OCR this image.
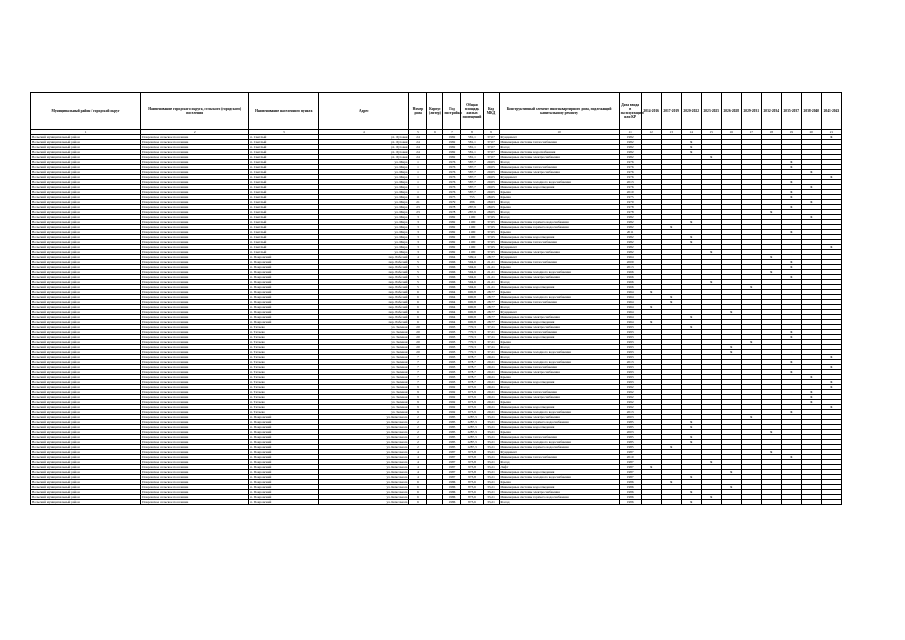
Муниципальный район / городской округ	Наименование городского округа, сельского (городского) поселения	Наименование населенного пункта	Адрес	Номер дома	Корпус (литер)	Год постройки	Общая площадь жилых помещений	Код МКД	Конструктивный элемент многоквартирного дома, подлежащий капитальному ремонту	Дата ввода в эксплуатацию или КР	2014-2016	2017-2019	2020-2022	2023-2025	2026-2028	2029-2031	2032-2034	2035-2037	2038-2040	2041-2043
1	2	3	4	5	6	7	8	9	10	11	12	13	14	15	16	17	18	19	20	21
Вольский муниципальный район	Покровское сельское поселение	п. Светлый	ул. Луговая	24		1982	581,1	37,07	Фундамент	1982										X
Вольский муниципальный район	Покровское сельское поселение	п. Светлый	ул. Луговая	24		1982	581,1	37,07	Инженерные системы теплоснабжения	1982			X							
Вольский муниципальный район	Покровское сельское поселение	п. Светлый	ул. Луговая	24		1982	581,1	37,07	Фасад	1982			X							
Вольский муниципальный район	Покровское сельское поселение	п. Светлый	ул. Луговая	24		1982	581,1	37,07	Инженерные системы водоснабжения	1982			X							
Вольский муниципальный район	Покровское сельское поселение	п. Светлый	ул. Луговая	24		1982	581,1	37,07	Инженерные системы электроснабжения	1982				X						
Вольский муниципальный район	Покровское сельское поселение	п. Светлый	ул. Мира	1		1976	587,7	29,05	Фасад	1976								X		
Вольский муниципальный район	Покровское сельское поселение	п. Светлый	ул. Мира	1		1976	587,7	29,05	Инженерные системы теплоснабжения	1976								X		
Вольский муниципальный район	Покровское сельское поселение	п. Светлый	ул. Мира	1		1976	587,7	29,05	Инженерные системы электроснабжения	1976									X	
Вольский муниципальный район	Покровское сельское поселение	п. Светлый	ул. Мира	1		1976	587,7	29,05	Фундамент	1976										X
Вольский муниципальный район	Покровское сельское поселение	п. Светлый	ул. Мира	1		1976	587,7	29,05	Инженерные системы холодного водоснабжения	2013								X		
Вольский муниципальный район	Покровское сельское поселение	п. Светлый	ул. Мира	1		1976	587,7	29,05	Инженерные системы водоотведения	1976									X	
Вольский муниципальный район	Покровское сельское поселение	п. Светлый	ул. Мира	1		1976	587,7	29,05	Крыша	2010								X		
Вольский муниципальный район	Покровское сельское поселение	п. Светлый	ул. Мира	11		1975	755	28,65	Крыша	1975								X		
Вольский муниципальный район	Покровское сельское поселение	п. Светлый	ул. Мира	21		1979	286	28,63	Фасад	1979									X	
Вольский муниципальный район	Покровское сельское поселение	п. Светлый	ул. Мира	23		1978	287,9	28,05	Крыша	1978								X		
Вольский муниципальный район	Покровское сельское поселение	п. Светлый	ул. Мира	23		1978	287,9	28,05	Фасад	1978							X			
Вольский муниципальный район	Покровское сельское поселение	п. Светлый	ул. Мира	3		1982	1190	37,65	Фасад	1982									X	
Вольский муниципальный район	Покровское сельское поселение	п. Светлый	ул. Мира	3		1982	1190	37,65	Инженерные системы горячего водоснабжения	1982			X							
Вольский муниципальный район	Покровское сельское поселение	п. Светлый	ул. Мира	3		1982	1190	37,65	Инженерные системы горячего водоснабжения	1982		X								
Вольский муниципальный район	Покровское сельское поселение	п. Светлый	ул. Мира	3		1982	1190	37,65	Крыша	2011								X		
Вольский муниципальный район	Покровское сельское поселение	п. Светлый	ул. Мира	3		1982	1190	37,65	Инженерные системы водоотведения	1982			X							
Вольский муниципальный район	Покровское сельское поселение	п. Светлый	ул. Мира	3		1982	1190	37,65	Инженерные системы теплоснабжения	1982			X							
Вольский муниципальный район	Покровское сельское поселение	п. Светлый	ул. Мира	3		1982	1190	37,65	Фундамент	1982										X
Вольский муниципальный район	Покровское сельское поселение	п. Светлый	ул. Мира	3		1982	1190	37,65	Инженерные системы электроснабжения	1982				X						
Вольский муниципальный район	Покровское сельское поселение	п. Покровский	пер. Рабочий	4		1964	599,4	28,77	Фундамент	1964							X			
Вольский муниципальный район	Покровское сельское поселение	п. Покровский	пер. Рабочий	5		1966	594,6	21,21	Инженерные системы теплоснабжения	2009								X		
Вольский муниципальный район	Покровское сельское поселение	п. Покровский	пер. Рабочий	5		1966	594,6	21,21	Крыша	2013								X		
Вольский муниципальный район	Покровское сельское поселение	п. Покровский	пер. Рабочий	5		1966	594,6	21,21	Инженерные системы холодного водоснабжения	1966							X			
Вольский муниципальный район	Покровское сельское поселение	п. Покровский	пер. Рабочий	5		1966	594,6	21,21	Инженерные системы электроснабжения	1966								X		
Вольский муниципальный район	Покровское сельское поселение	п. Покровский	пер. Рабочий	5		1966	594,6	21,21	Фасад	1966				X						
Вольский муниципальный район	Покровское сельское поселение	п. Покровский	пер. Рабочий	5		1966	594,6	21,21	Инженерные системы водоотведения	1966						X				
Вольский муниципальный район	Покровское сельское поселение	п. Покровский	пер. Рабочий	6		1964	600,8	28,77	Крыша	1964	X									
Вольский муниципальный район	Покровское сельское поселение	п. Покровский	пер. Рабочий	6		1964	600,8	28,77	Инженерные системы холодного водоснабжения	1964		X								
Вольский муниципальный район	Покровское сельское поселение	п. Покровский	пер. Рабочий	6		1964	600,8	28,77	Инженерные системы теплоснабжения	1964		X								
Вольский муниципальный район	Покровское сельское поселение	п. Покровский	пер. Рабочий	6		1964	600,8	28,77	Фасад	1964	X									
Вольский муниципальный район	Покровское сельское поселение	п. Покровский	пер. Рабочий	6		1964	600,8	28,77	Фундамент	1964					X					
Вольский муниципальный район	Покровское сельское поселение	п. Покровский	пер. Рабочий	6		1964	600,8	28,77	Инженерные системы электроснабжения	1964			X							
Вольский муниципальный район	Покровское сельское поселение	п. Покровский	пер. Рабочий	6		1964	600,8	28,77	Инженерные системы водоотведения	1964	X									
Вольский муниципальный район	Покровское сельское поселение	п. Тетеево	ул. Зеленая	20		1993	770,3	37,21	Инженерные системы электроснабжения	1993			X							
Вольский муниципальный район	Покровское сельское поселение	п. Тетеево	ул. Зеленая	20		1993	770,3	37,21	Инженерные системы теплоснабжения	1993								X		
Вольский муниципальный район	Покровское сельское поселение	п. Тетеево	ул. Зеленая	20		1993	770,3	37,21	Инженерные системы водоотведения	1993								X		
Вольский муниципальный район	Покровское сельское поселение	п. Тетеево	ул. Зеленая	20		1993	770,3	37,21	Крыша	1993						X				
Вольский муниципальный район	Покровское сельское поселение	п. Тетеево	ул. Зеленая	20		1993	770,3	37,21	Фасад	1993					X					
Вольский муниципальный район	Покровское сельское поселение	п. Тетеево	ул. Зеленая	20		1993	770,3	37,21	Инженерные системы холодного водоснабжения	1993					X					
Вольский муниципальный район	Покровское сельское поселение	п. Тетеево	ул. Зеленая	7		1993	678,7	29,21	Фасад	1993										X
Вольский муниципальный район	Покровское сельское поселение	п. Тетеево	ул. Зеленая	7		1993	678,7	29,21	Инженерные системы холодного водоснабжения	2013								X		
Вольский муниципальный район	Покровское сельское поселение	п. Тетеево	ул. Зеленая	7		1993	678,7	29,21	Инженерные системы теплоснабжения	1993										X
Вольский муниципальный район	Покровское сельское поселение	п. Тетеево	ул. Зеленая	7		1993	678,7	29,21	Инженерные системы электроснабжения	1993								X		
Вольский муниципальный район	Покровское сельское поселение	п. Тетеево	ул. Зеленая	7		1993	678,7	29,21	Крыша	1993									X	
Вольский муниципальный район	Покровское сельское поселение	п. Тетеево	ул. Зеленая	7		1993	678,7	29,21	Инженерные системы водоотведения	1993										X
Вольский муниципальный район	Покровское сельское поселение	п. Тетеево	ул. Зеленая	9		1992	673,9	29,21	Фасад	1992										X
Вольский муниципальный район	Покровское сельское поселение	п. Тетеево	ул. Зеленая	9		1992	673,9	29,21	Инженерные системы теплоснабжения	1992									X	
Вольский муниципальный район	Покровское сельское поселение	п. Тетеево	ул. Зеленая	9		1992	673,9	29,21	Инженерные системы электроснабжения	1992									X	
Вольский муниципальный район	Покровское сельское поселение	п. Тетеево	ул. Зеленая	9		1992	673,9	29,21	Крыша	1992									X	
Вольский муниципальный район	Покровское сельское поселение	п. Тетеево	ул. Зеленая	9		1992	673,9	29,21	Инженерные системы водоотведения	1992										X
Вольский муниципальный район	Покровское сельское поселение	п. Тетеево	ул. Зеленая	9		1992	673,9	29,21	Инженерные системы холодного водоснабжения	2013								X		
Вольский муниципальный район	Покровское сельское поселение	п. Покровский	ул. Комсомола	2		1985	1287,3	33,21	Инженерные системы электроснабжения	2003						X				
Вольский муниципальный район	Покровское сельское поселение	п. Покровский	ул. Комсомола	2		1985	1287,3	33,21	Инженерные системы горячего водоснабжения	1985			X							
Вольский муниципальный район	Покровское сельское поселение	п. Покровский	ул. Комсомола	2		1985	1287,3	33,21	Инженерные системы водоотведения	1985			X							
Вольский муниципальный район	Покровское сельское поселение	п. Покровский	ул. Комсомола	2		1985	1287,3	33,21	Крыша	2003							X			
Вольский муниципальный район	Покровское сельское поселение	п. Покровский	ул. Комсомола	2		1985	1287,3	33,21	Инженерные системы теплоснабжения	1985			X							
Вольский муниципальный район	Покровское сельское поселение	п. Покровский	ул. Комсомола	2		1985	1287,3	33,21	Инженерные системы холодного водоснабжения	1985			X							
Вольский муниципальный район	Покровское сельское поселение	п. Покровский	ул. Комсомола	2		1985	1287,3	33,21	Инженерные системы горячего водоснабжения	1985		X								
Вольский муниципальный район	Покровское сельское поселение	п. Покровский	ул. Комсомола	4		1987	973,8	33,21	Фундамент	1987							X			
Вольский муниципальный район	Покровское сельское поселение	п. Покровский	ул. Комсомола	4		1987	973,8	33,21	Инженерные системы теплоснабжения	2010								X		
Вольский муниципальный район	Покровское сельское поселение	п. Покровский	ул. Комсомола	4		1987	973,8	33,21	Фасад	1987				X						
Вольский муниципальный район	Покровское сельское поселение	п. Покровский	ул. Комсомола	4		1987	973,8	33,21	Лифт	1987	X									
Вольский муниципальный район	Покровское сельское поселение	п. Покровский	ул. Комсомола	4		1987	973,8	33,21	Инженерные системы водоотведения	1987					X					
Вольский муниципальный район	Покровское сельское поселение	п. Покровский	ул. Комсомола	4		1987	973,8	33,21	Инженерные системы холодного водоснабжения	1987			X							
Вольский муниципальный район	Покровское сельское поселение	п. Покровский	ул. Комсомола	6		1986	873,6	33,21	Крыша	1986		X								
Вольский муниципальный район	Покровское сельское поселение	п. Покровский	ул. Комсомола	6		1986	873,6	33,21	Инженерные системы водоотведения	1986					X					
Вольский муниципальный район	Покровское сельское поселение	п. Покровский	ул. Комсомола	6		1986	873,6	33,21	Инженерные системы электроснабжения	1986			X							
Вольский муниципальный район	Покровское сельское поселение	п. Покровский	ул. Комсомола	6		1986	873,6	33,21	Инженерные системы горячего водоснабжения	1986				X						
Вольский муниципальный район	Покровское сельское поселение	п. Покровский	ул. Комсомола	6		1986	873,6	33,21	Фасад	1986			X							
